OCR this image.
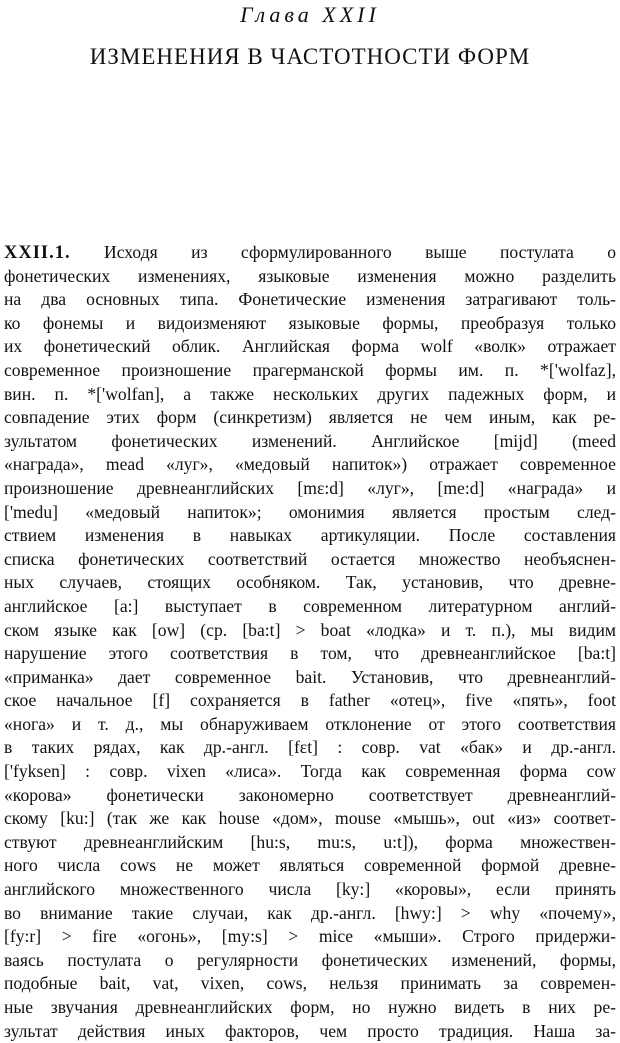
Глава XXII
ИЗМЕНЕНИЯ В ЧАСТОТНОСТИ ФОРМ
XXII.1. Исходя из сформулированного выше постулата о
фонетических изменениях, языковые изменения можно разделить
на два основных типа. Фонетические изменения затрагивают толь-
ко фонемы и видоизменяют языковые формы, преобразуя только
их фонетический облик. Английская форма wolf «волк» отражает
современное произношение прагерманской формы им. п. *['wolfaz],
вин. п. *['wolfan], а также нескольких других падежных форм, и
совпадение этих форм (синкретизм) является не чем иным, как ре-
зультатом фонетических изменений. Английское [mijd] (meed
«награда», mead «луг», «медовый напиток») отражает современное
произношение древнеанглийских [mε:d] «луг», [me:d] «награда» и
['medu] «медовый напиток»; омонимия является простым след-
ствием изменения в навыках артикуляции. После составления
списка фонетических соответствий остается множество необъяснен-
ных случаев, стоящих особняком. Так, установив, что древне-
английское [a:] выступает в современном литературном англий-
ском языке как [ow] (ср. [ba:t] > boat «лодка» и т. п.), мы видим
нарушение этого соответствия в том, что древнеанглийское [ba:t]
«приманка» дает современное bait. Установив, что древнеанглий-
ское начальное [f] сохраняется в father «отец», five «пять», foot
«нога» и т. д., мы обнаруживаем отклонение от этого соответствия
в таких рядах, как др.-англ. [fεt] : совр. vat «бак» и др.-англ.
['fyksen] : совр. vixen «лиса». Тогда как современная форма cow
«корова» фонетически закономерно соответствует древнеанглий-
скому [ku:] (так же как house «дом», mouse «мышь», out «из» соответ-
ствуют древнеанглийским [hu:s, mu:s, u:t]), форма множествен-
ного числа cows не может являться современной формой древне-
английского множественного числа [ky:] «коровы», если принять
во внимание такие случаи, как др.-англ. [hwy:] > why «почему»,
[fy:r] > fire «огонь», [my:s] > mice «мыши». Строго придержи-
ваясь постулата о регулярности фонетических изменений, формы,
подобные bait, vat, vixen, cows, нельзя принимать за современ-
ные звучания древнеанглийских форм, но нужно видеть в них ре-
зультат действия иных факторов, чем просто традиция. Наша за-
